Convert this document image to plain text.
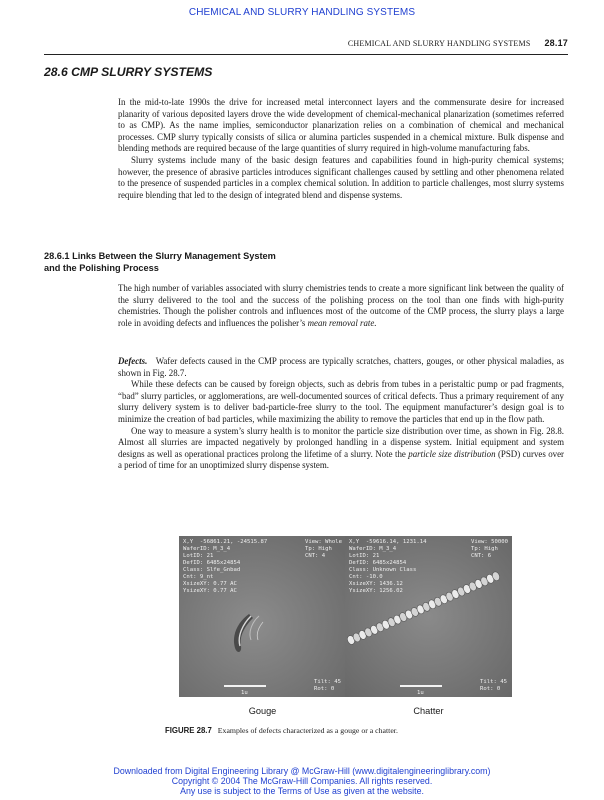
CHEMICAL AND SLURRY HANDLING SYSTEMS
CHEMICAL AND SLURRY HANDLING SYSTEMS 28.17
28.6 CMP SLURRY SYSTEMS

In the mid-to-late 1990s the drive for increased metal interconnect layers and the commensurate desire for increased planarity of various deposited layers drove the wide development of chemical-mechanical planarization (sometimes referred to as CMP). As the name implies, semiconductor planarization relies on a combination of chemical and mechanical processes. CMP slurry typically consists of silica or alumina particles suspended in a chemical mixture. Bulk dispense and blending methods are required because of the large quantities of slurry required in high-volume manufacturing fabs.

Slurry systems include many of the basic design features and capabilities found in high-purity chemical systems; however, the presence of abrasive particles introduces significant challenges caused by settling and other phenomena related to the presence of suspended particles in a complex chemical solution. In addition to particle challenges, most slurry systems require blending that led to the design of integrated blend and dispense systems.

28.6.1 Links Between the Slurry Management System
and the Polishing Process

The high number of variables associated with slurry chemistries tends to create a more significant link between the quality of the slurry delivered to the tool and the success of the polishing process on the tool than one finds with high-purity chemistries. Though the polisher controls and influences most of the outcome of the CMP process, the slurry plays a large role in avoiding defects and influences the polisher’s mean removal rate.

Defects. Wafer defects caused in the CMP process are typically scratches, chatters, gouges, or other physical maladies, as shown in Fig. 28.7.

While these defects can be caused by foreign objects, such as debris from tubes in a peristaltic pump or pad fragments, “bad” slurry particles, or agglomerations, are well-documented sources of critical defects. Thus a primary requirement of any slurry delivery system is to deliver bad-particle-free slurry to the tool. The equipment manufacturer’s design goal is to minimize the creation of bad particles, while maximizing the ability to remove the particles that end up in the flow path.

One way to measure a system’s slurry health is to monitor the particle size distribution over time, as shown in Fig. 28.8. Almost all slurries are impacted negatively by prolonged handling in a dispense system. Initial equipment and system designs as well as operational practices prolong the lifetime of a slurry. Note the particle size distribution (PSD) curves over a period of time for an unoptimized slurry dispense system.

X,Y  -56861.21, -24515.87
WaferID: M_3_4
LotID: 21
DefID: 6485x24854
Class: Slfe_Gnbad
Cnt: 9_nt
XsizeXY: 0.77 AC
YsizeXY: 0.77 AC
View: Whole
Tp: High
CNT: 4
Tilt: 45
Rot: 0
1u
X,Y  -59616.14, 1231.14
WaferID: M_3_4
LotID: 21
DefID: 6485x24854
Class: Unknown Class
Cnt: -10.0
XsizeXY: 1436.12
YsizeXY: 1256.02
View: 50000
Tp: High
CNT: 6
Tilt: 45
Rot: 0
1u
Gouge	Chatter
FIGURE 28.7 Examples of defects characterized as a gouge or a chatter.
Downloaded from Digital Engineering Library @ McGraw-Hill (www.digitalengineeringlibrary.com)
Copyright © 2004 The McGraw-Hill Companies. All rights reserved.
Any use is subject to the Terms of Use as given at the website.
